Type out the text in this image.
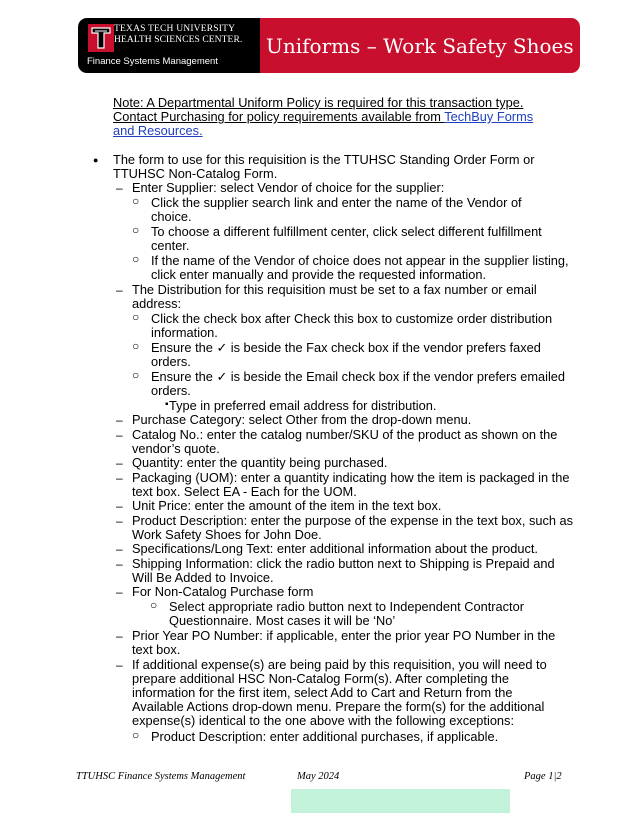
TEXAS TECH UNIVERSITY
HEALTH SCIENCES CENTER.
Finance Systems Management
Uniforms – Work Safety Shoes
Note: A Departmental Uniform Policy is required for this transaction type.
Contact Purchasing for policy requirements available from TechBuy Forms
and Resources.
● The form to use for this requisition is the TTUHSC Standing Order Form or
TTUHSC Non-Catalog Form.
– Enter Supplier: select Vendor of choice for the supplier:
○ Click the supplier search link and enter the name of the Vendor of
choice.
○ To choose a different fulfillment center, click select different fulfillment
center.
○ If the name of the Vendor of choice does not appear in the supplier listing,
click enter manually and provide the requested information.
– The Distribution for this requisition must be set to a fax number or email
address:
○ Click the check box after Check this box to customize order distribution
information.
○ Ensure the ✓ is beside the Fax check box if the vendor prefers faxed
orders.
○ Ensure the ✓ is beside the Email check box if the vendor prefers emailed
orders.
▪ Type in preferred email address for distribution.
– Purchase Category: select Other from the drop-down menu.
– Catalog No.: enter the catalog number/SKU of the product as shown on the
vendor’s quote.
– Quantity: enter the quantity being purchased.
– Packaging (UOM): enter a quantity indicating how the item is packaged in the
text box. Select EA - Each for the UOM.
– Unit Price: enter the amount of the item in the text box.
– Product Description: enter the purpose of the expense in the text box, such as
Work Safety Shoes for John Doe.
– Specifications/Long Text: enter additional information about the product.
– Shipping Information: click the radio button next to Shipping is Prepaid and
Will Be Added to Invoice.
– For Non-Catalog Purchase form
○ Select appropriate radio button next to Independent Contractor
Questionnaire. Most cases it will be ‘No’
– Prior Year PO Number: if applicable, enter the prior year PO Number in the
text box.
– If additional expense(s) are being paid by this requisition, you will need to
prepare additional HSC Non-Catalog Form(s). After completing the
information for the first item, select Add to Cart and Return from the
Available Actions drop-down menu. Prepare the form(s) for the additional
expense(s) identical to the one above with the following exceptions:
○ Product Description: enter additional purchases, if applicable.
TTUHSC Finance Systems Management	May 2024	Page 1|2
